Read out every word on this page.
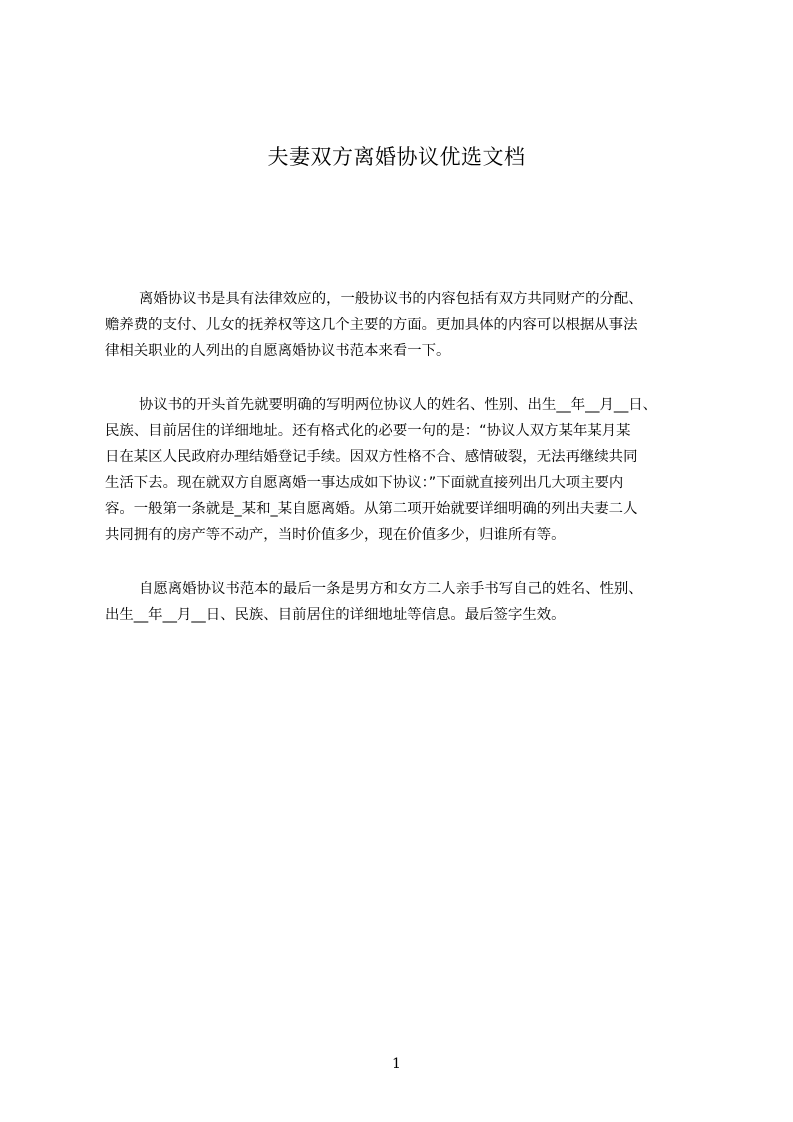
夫妻双方离婚协议优选文档
离婚协议书是具有法律效应的，一般协议书的内容包括有双方共同财产的分配、
赡养费的支付、儿女的抚养权等这几个主要的方面。更加具体的内容可以根据从事法
律相关职业的人列出的自愿离婚协议书范本来看一下。
协议书的开头首先就要明确的写明两位协议人的姓名、性别、出生__年__月__日、
民族、目前居住的详细地址。还有格式化的必要一句的是：“协议人双方某年某月某
日在某区人民政府办理结婚登记手续。因双方性格不合、感情破裂，无法再继续共同
生活下去。现在就双方自愿离婚一事达成如下协议：”下面就直接列出几大项主要内
容。一般第一条就是_某和_某自愿离婚。从第二项开始就要详细明确的列出夫妻二人
共同拥有的房产等不动产，当时价值多少，现在价值多少，归谁所有等。
自愿离婚协议书范本的最后一条是男方和女方二人亲手书写自己的姓名、性别、
出生__年__月__日、民族、目前居住的详细地址等信息。最后签字生效。
1
